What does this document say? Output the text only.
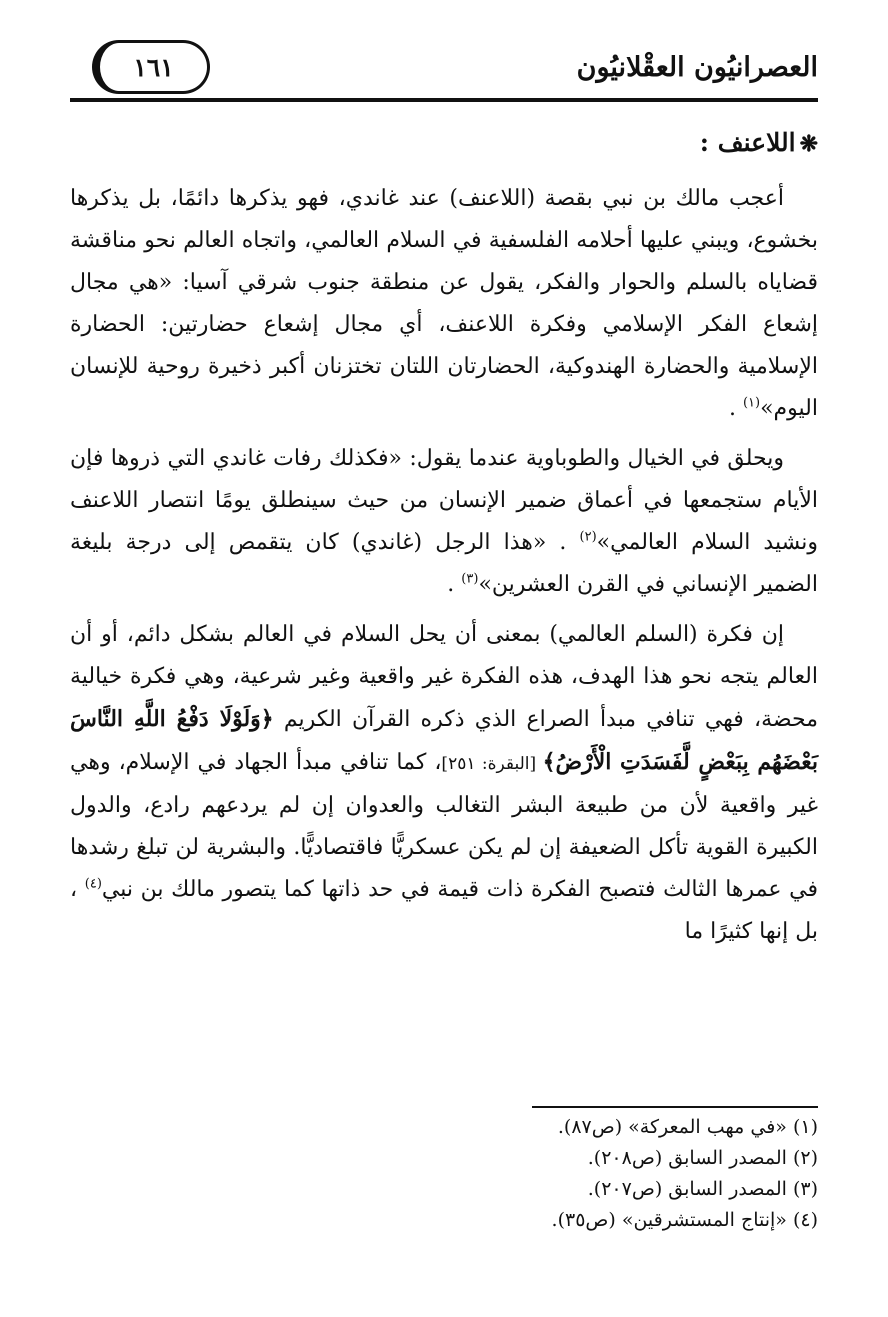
العصرانيُون العقْلانيُون
١٦١
❋اللاعنف :

أعجب مالك بن نبي بقصة (اللاعنف) عند غاندي، فهو يذكرها دائمًا، بل يذكرها بخشوع، ويبني عليها أحلامه الفلسفية في السلام العالمي، واتجاه العالم نحو مناقشة قضاياه بالسلم والحوار والفكر، يقول عن منطقة جنوب شرقي آسيا: «هي مجال إشعاع الفكر الإسلامي وفكرة اللاعنف، أي مجال إشعاع حضارتين: الحضارة الإسلامية والحضارة الهندوكية، الحضارتان اللتان تختزنان أكبر ذخيرة روحية للإنسان اليوم»$^{(١)}$ .

ويحلق في الخيال والطوباوية عندما يقول: «فكذلك رفات غاندي التي ذروها فإن الأيام ستجمعها في أعماق ضمير الإنسان من حيث سينطلق يومًا انتصار اللاعنف ونشيد السلام العالمي»$^{(٢)}$ . «هذا الرجل (غاندي) كان يتقمص إلى درجة بليغة الضمير الإنساني في القرن العشرين»$^{(٣)}$ .

إن فكرة (السلم العالمي) بمعنى أن يحل السلام في العالم بشكل دائم، أو أن العالم يتجه نحو هذا الهدف، هذه الفكرة غير واقعية وغير شرعية، وهي فكرة خيالية محضة، فهي تنافي مبدأ الصراع الذي ذكره القرآن الكريم ﴿وَلَوْلَا دَفْعُ اللَّهِ النَّاسَ بَعْضَهُم بِبَعْضٍ لَّفَسَدَتِ الْأَرْضُ﴾ [البقرة: ٢٥١]، كما تنافي مبدأ الجهاد في الإسلام، وهي غير واقعية لأن من طبيعة البشر التغالب والعدوان إن لم يردعهم رادع، والدول الكبيرة القوية تأكل الضعيفة إن لم يكن عسكريًّا فاقتصاديًّا. والبشرية لن تبلغ رشدها في عمرها الثالث فتصبح الفكرة ذات قيمة في حد ذاتها كما يتصور مالك بن نبي$^{(٤)}$ ، بل إنها كثيرًا ما

(١)«في مهب المعركة» (ص٨٧).
(٢)المصدر السابق (ص٢٠٨).
(٣)المصدر السابق (ص٢٠٧).
(٤)«إنتاج المستشرقين» (ص٣٥).
